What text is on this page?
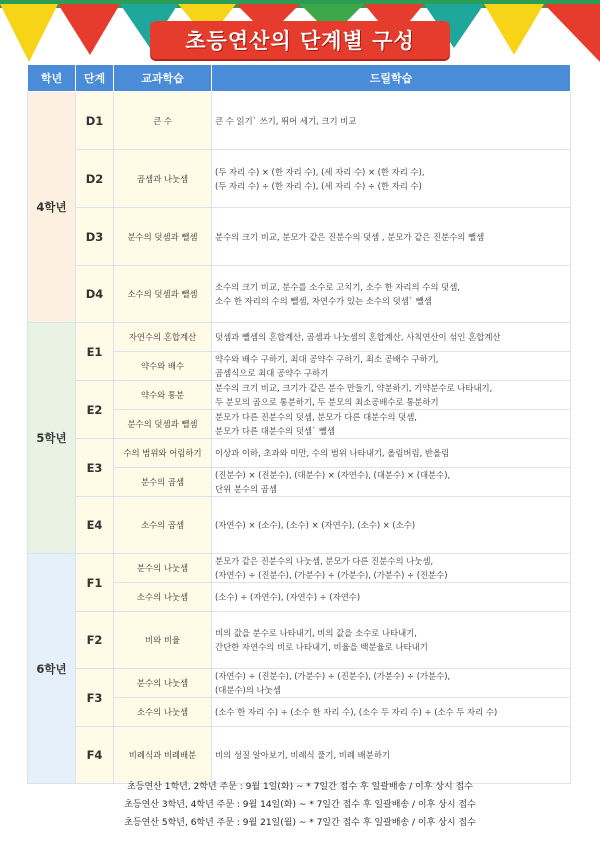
초등연산의 단계별 구성
학년	단계	교과학습	드릴학습
4학년	D1	큰 수	큰 수 읽기ˋ 쓰기, 뛰어 세기, 크기 비교

	D2	곱셈과 나눗셈	(두 자리 수) × (한 자리 수), (세 자리 수) × (한 자리 수),
(두 자리 수) ÷ (한 자리 수), (세 자리 수) ÷ (한 자리 수)

	D3	분수의 덧셈과 뺄셈	분수의 크기 비교, 분모가 같은 진분수의 덧셈 , 분모가 같은 진분수의 뺄셈

	D4	소수의 덧셈과 뺄셈	소수의 크기 비교, 분수를 소수로 고치기, 소수 한 자리의 수의 덧셈,
소수 한 자리의 수의 뺄셈, 자연수가 있는 소수의 덧셈ˋ 뺄셈

5학년	E1	자연수의 혼합계산	덧셈과 뺄셈의 혼합계산, 곱셈과 나눗셈의 혼합계산, 사칙연산이 섞인 혼합계산

		약수와 배수	약수와 배수 구하기, 최대 공약수 구하기, 최소 공배수 구하기,
곱셈식으로 최대 공약수 구하기

	E2	약수와 통분	분수의 크기 비교, 크기가 같은 분수 만들기, 약분하기, 기약분수로 나타내기,
두 분모의 곱으로 통분하기, 두 분모의 최소공배수로 통분하기

		분수의 덧셈과 뺄셈	분모가 다른 진분수의 덧셈, 분모가 다른 대분수의 덧셈,
분모가 다른 대분수의 덧셈ˋ 뺄셈

	E3	수의 범위와 어림하기	이상과 이하, 초과와 미만, 수의 범위 나타내기, 올림버림, 반올림

		분수의 곱셈	(진분수) × (진분수), (대분수) × (자연수), (대분수) × (대분수),
단위 분수의 곱셈

	E4	소수의 곱셈	(자연수) × (소수), (소수) × (자연수), (소수) × (소수)

6학년	F1	분수의 나눗셈	분모가 같은 진분수의 나눗셈, 분모가 다른 진분수의 나눗셈,
(자연수) ÷ (진분수), (가분수) ÷ (가분수), (가분수) ÷ (진분수)

		소수의 나눗셈	(소수) ÷ (자연수), (자연수) ÷ (자연수)

	F2	비와 비율	비의 값을 분수로 나타내기, 비의 값을 소수로 나타내기,
간단한 자연수의 비로 나타내기, 비율을 백분율로 나타내기

	F3	분수의 나눗셈	(자연수) ÷ (진분수), (가분수) ÷ (진분수), (가분수) ÷ (가분수),
(대분수)의 나눗셈

		소수의 나눗셈	(소수 한 자리 수) ÷ (소수 한 자리 수), (소수 두 자리 수) ÷ (소수 두 자리 수)

	F4	비례식과 비례배분	비의 성질 알아보기, 비례식 풀기, 비례 배분하기
초등연산 1학년, 2학년 주문 : 9월 1일(화) ~ * 7일간 접수 후 일괄배송 / 이후 상시 접수
초등연산 3학년, 4학년 주문 : 9월 14일(화) ~ * 7일간 접수 후 일괄배송 / 이후 상시 접수
초등연산 5학년, 6학년 주문 : 9월 21일(월) ~ * 7일간 접수 후 일괄배송 / 이후 상시 접수
